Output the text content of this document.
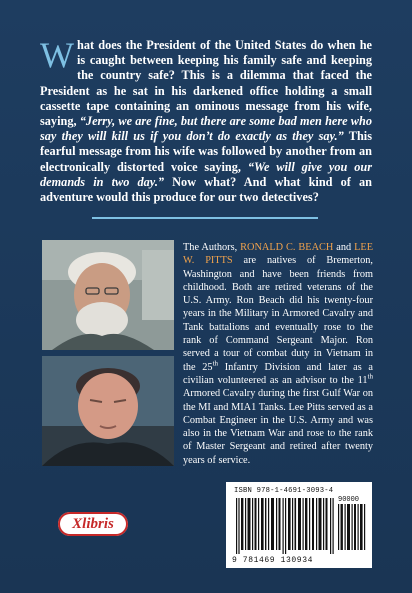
What does the President of the United States do when he is caught between keeping his family safe and keeping the country safe? This is a dilemma that faced the President as he sat in his darkened office holding a small cassette tape containing an ominous message from his wife, saying, “Jerry, we are fine, but there are some bad men here who say they will kill us if you don’t do exactly as they say.” This fearful message from his wife was followed by another from an electronically distorted voice saying, “We will give you our demands in two day.” Now what? And what kind of an adventure would this produce for our two detectives?
The Authors, RONALD C. BEACH and LEE W. PITTS are natives of Bremerton, Washington and have been friends from childhood. Both are retired veterans of the U.S. Army. Ron Beach did his twenty-four years in the Military in Armored Cavalry and Tank battalions and eventually rose to the rank of Command Sergeant Major. Ron served a tour of combat duty in Vietnam in the 25th Infantry Division and later as a civilian volunteered as an advisor to the 11th Armored Cavalry during the first Gulf War on the MI and MIA1 Tanks. Lee Pitts served as a Combat Engineer in the U.S. Army and was also in the Vietnam War and rose to the rank of Master Sergeant and retired after twenty years of service.
Xlibris
ISBN 978-1-4691-3093-4
90000
9 781469 130934
